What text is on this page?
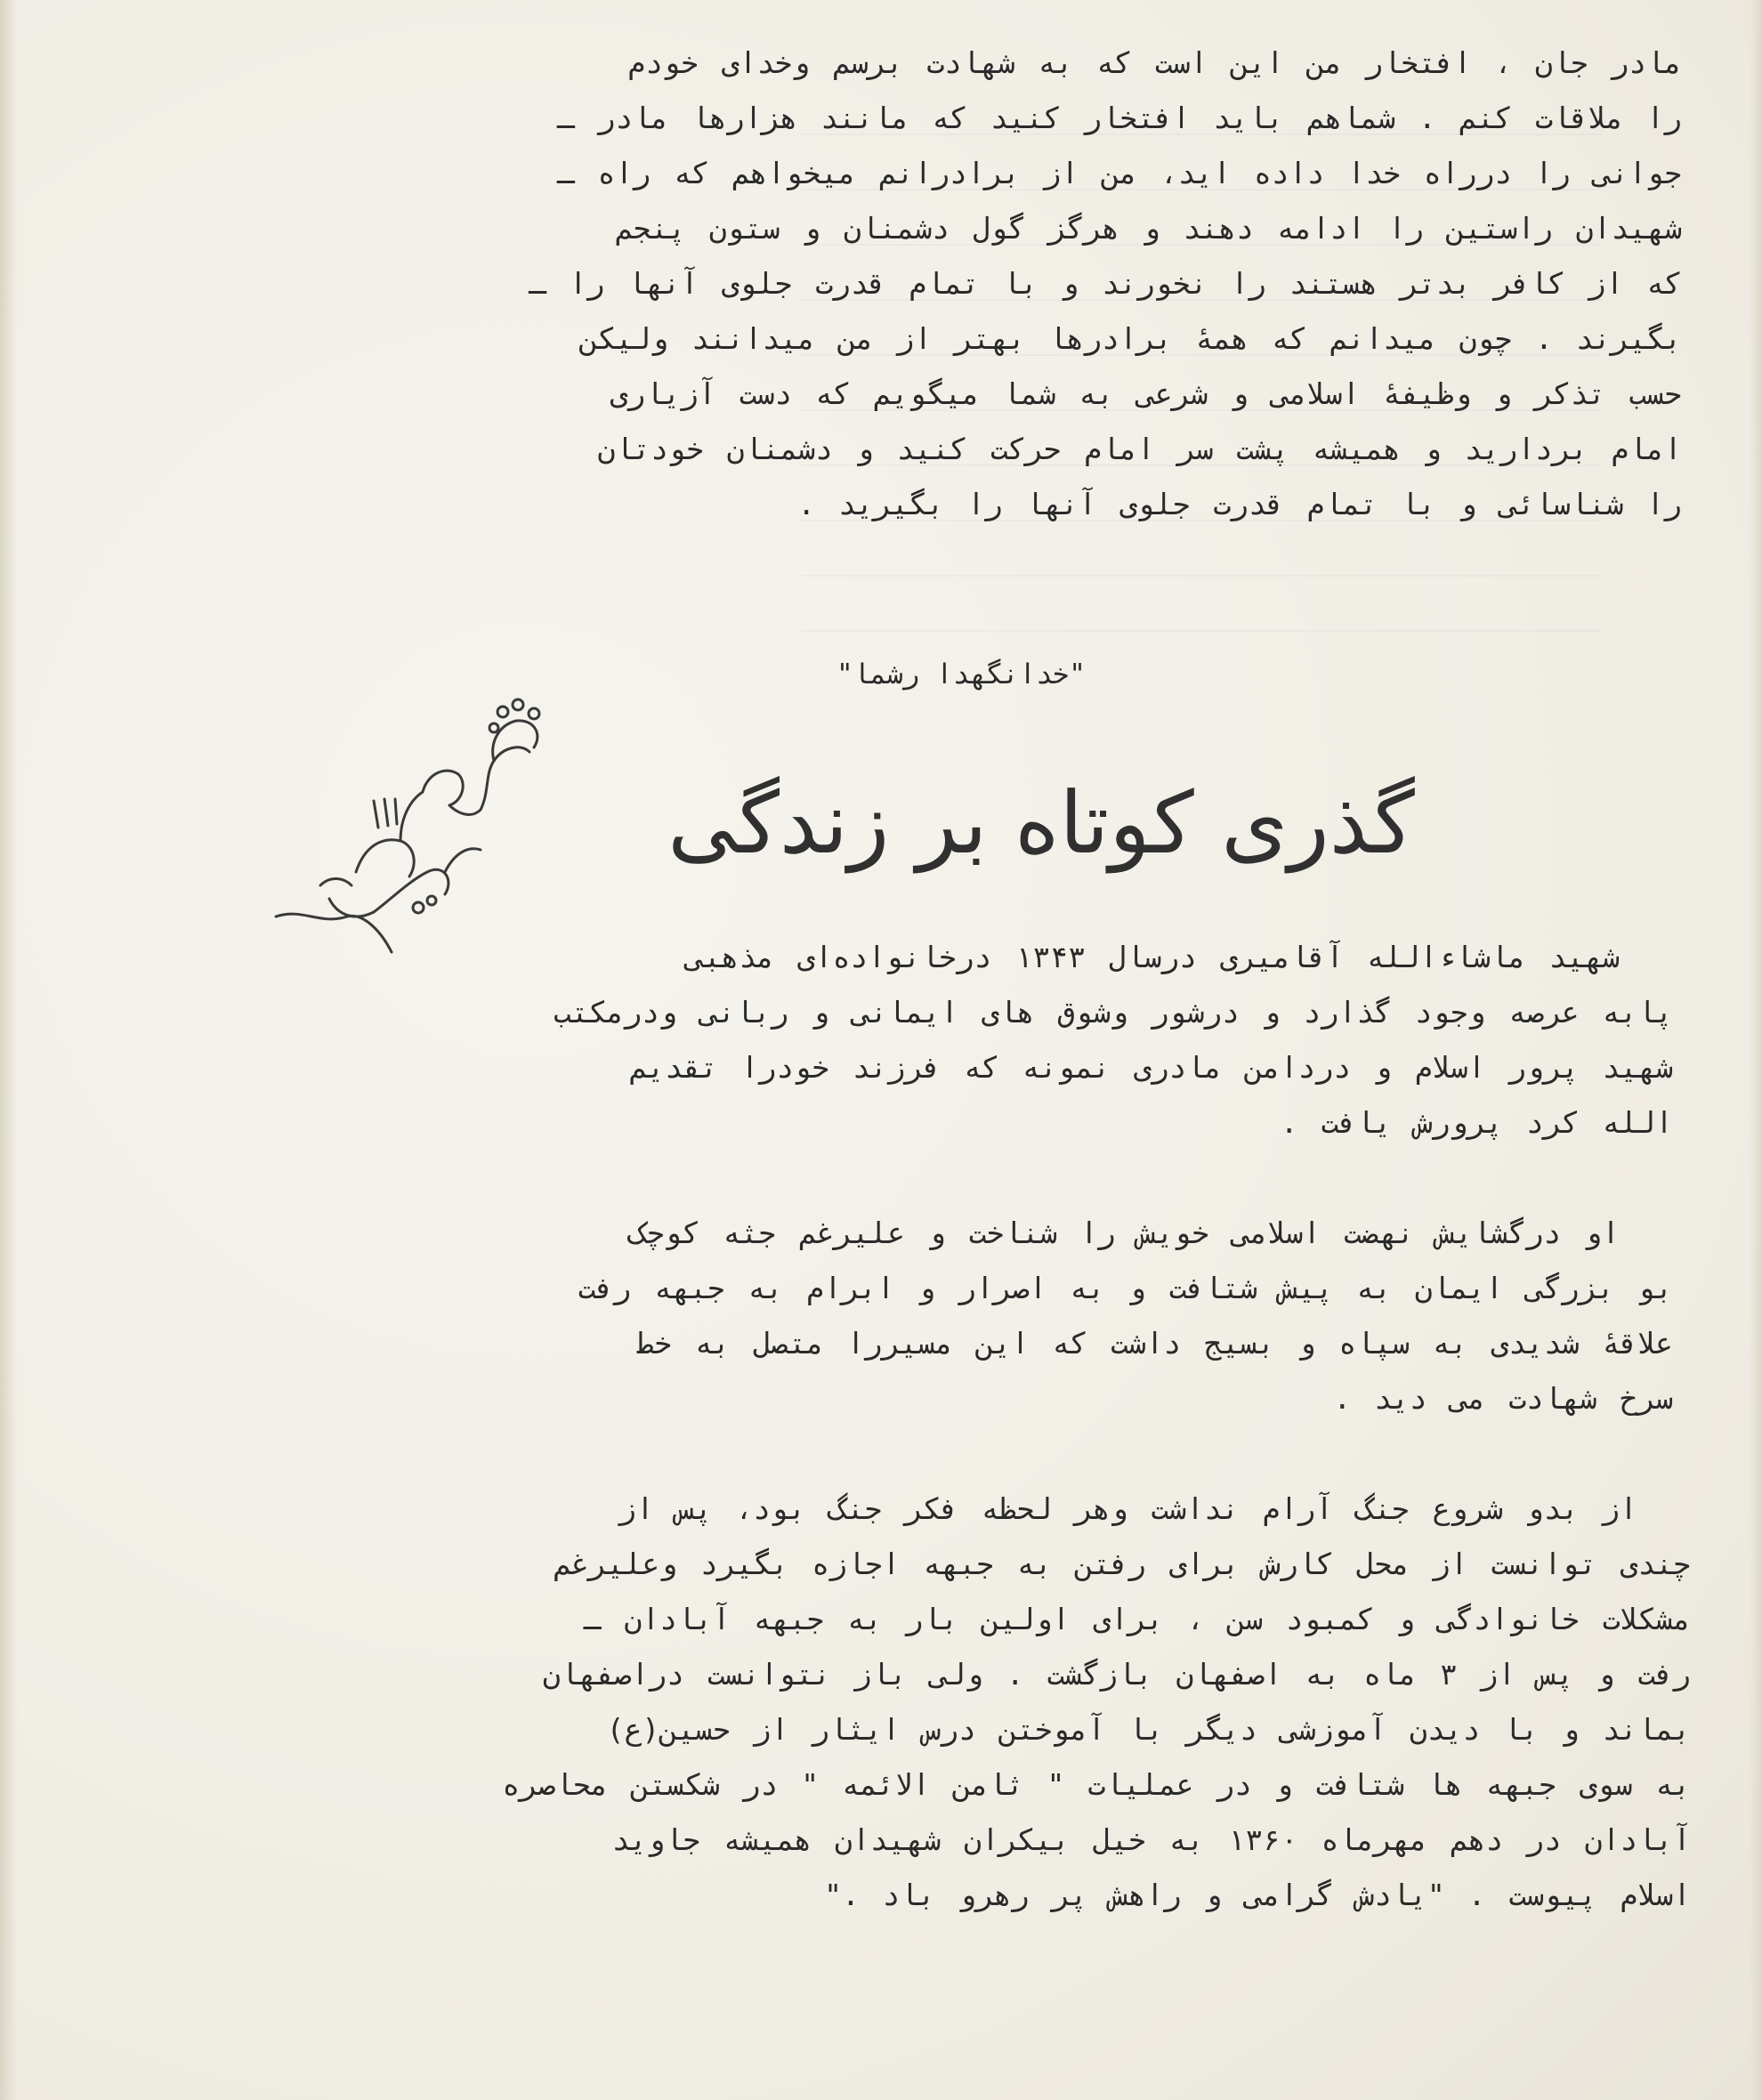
مادر جان ، افتخار من این است که به شهادت برسم وخدای خودم
را ملاقات کنم . شماهم باید افتخار کنید که مانند هزارها مادر ـ
جوانی را درراه خدا داده اید، من از برادرانم میخواهم که راه ـ
شهیدان راستین را ادامه دهند و هرگز گول دشمنان و ستون پنجم
که از کافر بدتر هستند را نخورند و با تمام قدرت جلوی آنها را ـ
بگیرند . چون میدانم که همهٔ برادرها بهتر از من میدانند ولیکن
حسب تذکر و وظیفهٔ اسلامی و شرعی به شما میگویم که دست آزیاری
امام بردارید و همیشه پشت سر امام حرکت کنید و دشمنان خودتان
را شناسائی و با تمام قدرت جلوی آنها را بگیرید .
"خدانگهدا رشما"
گذری کوتاه بر زندگی
شهید ماشاءالله آقامیری درسال ۱۳۴۳ درخانواده‌ای مذهبی
پابه عرصه وجود گذارد و درشور وشوق های ایمانی و ربانی ودرمکتب
شهید پرور اسلام و دردامن مادری نمونه که فرزند خودرا تقدیم
الله کرد پرورش یافت .
او درگشایش نهضت اسلامی خویش را شناخت و علیرغم جثه کوچک
بو بزرگی ایمان به پیش شتافت و به اصرار و ابرام به جبهه رفت
علاقهٔ شدیدی به سپاه و بسیج داشت که این مسیررا متصل به خط
سرخ شهادت می دید .
از بدو شروع جنگ آرام نداشت وهر لحظه فکر جنگ بود، پس از
چندی توانست از محل کارش برای رفتن به جبهه اجازه بگیرد وعلیرغم
مشکلات خانوادگی و کمبود سن ، برای اولین بار به جبهه آبادان ـ
رفت و پس از ۳ ماه به اصفهان بازگشت . ولی باز نتوانست دراصفهان
بماند و با دیدن آموزشی دیگر با آموختن درس ایثار از حسین(ع)
به سوی جبهه ها شتافت و در عملیات " ثامن الائمه " در شکستن محاصره
آبادان در دهم مهرماه ۱۳۶۰ به خیل بیکران شهیدان همیشه جاوید
اسلام پیوست . "یادش گرامی و راهش پر رهرو باد ."
